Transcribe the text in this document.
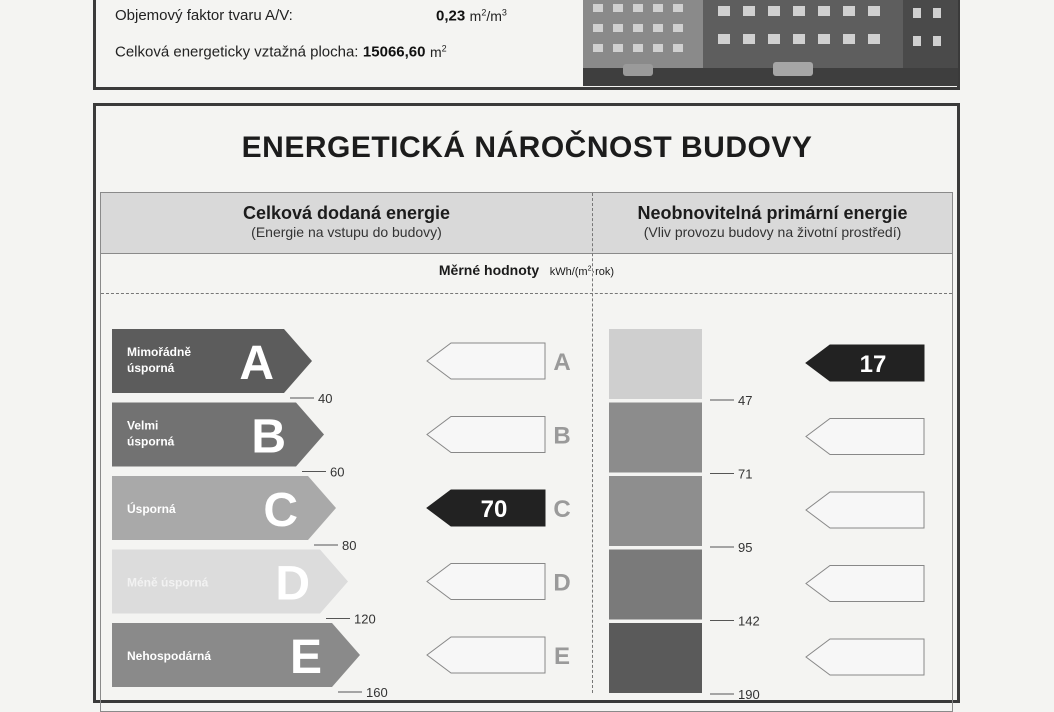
Objemový faktor tvaru A/V:	0,23 $m^2/m^3$
Celková energeticky vztažná plocha: 15066,60 $m^2$
ENERGETICKÁ NÁROČNOST BUDOVY
Celková dodaná energie
(Energie na vstupu do budovy)
Neobnovitelná primární energie
(Vliv provozu budovy na životní prostředí)
Měrné hodnoty kWh/$(m^2\cdot rok)$
Mimořádně
úsporná A
40
A
47
17
Velmi
úsporná B
60
B
71
Úsporná C
80
70 C
95
Méně úsporná D
120
D
142
Nehospodárná E
160
E
190
